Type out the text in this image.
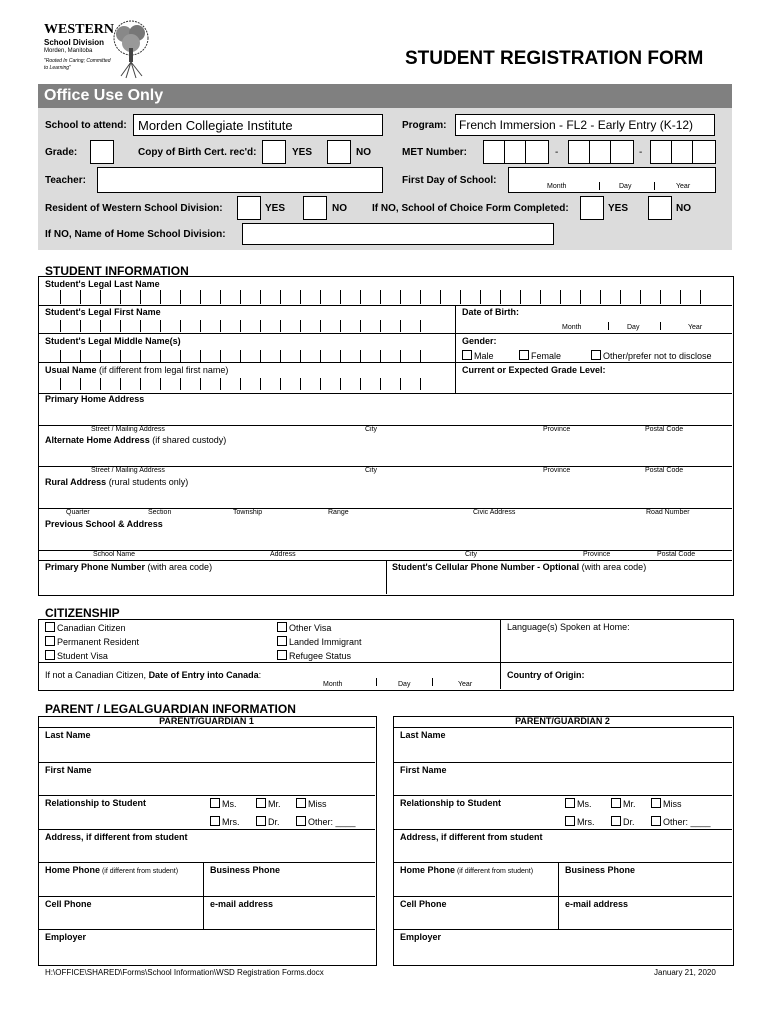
WESTERN
School Division
Morden, Manitoba
"Rooted In Caring; Committed to Learning"	STUDENT REGISTRATION FORM
Office Use Only
School to attend: Morden Collegiate Institute	Program: French Immersion - FL2 - Early Entry (K-12)
Grade:	Copy of Birth Cert. rec'd:	YES	NO	MET Number:	-	-
Teacher:	First Day of School:
Month	Day	Year
Resident of Western School Division:	YES	NO	If NO, School of Choice Form Completed:	YES	NO
If NO, Name of Home School Division:
STUDENT INFORMATION
Student's Legal Last Name
Student's Legal First Name	Date of Birth:
Month	Day	Year
Student's Legal Middle Name(s)	Gender:
Male	Female	Other/prefer not to disclose
Usual Name (if different from legal first name)	Current or Expected Grade Level:
Primary Home Address
Street / Mailing Address	City	Province	Postal Code
Alternate Home Address (if shared custody)
Street / Mailing Address	City	Province	Postal Code
Rural Address (rural students only)
Quarter	Section	Township	Range	Civic Address	Road Number
Previous School & Address
School Name	Address	City	Province	Postal Code
Primary Phone Number (with area code)	Student's Cellular Phone Number - Optional (with area code)
CITIZENSHIP
Canadian Citizen
Permanent Resident
Student Visa
Other Visa
Landed Immigrant
Refugee Status
Language(s) Spoken at Home:
If not a Canadian Citizen, Date of Entry into Canada:
Month	Day	Year
Country of Origin:
PARENT / LEGALGUARDIAN INFORMATION
PARENT/GUARDIAN 1
Last Name
First Name
Relationship to Student	Ms.	Mr.	Miss
Mrs.	Dr.	Other: ____
Address, if different from student
Home Phone (if different from student)	Business Phone
Cell Phone	e-mail address
Employer
PARENT/GUARDIAN 2
Last Name
First Name
Relationship to Student	Ms.	Mr.	Miss
Mrs.	Dr.	Other: ____
Address, if different from student
Home Phone (if different from student)	Business Phone
Cell Phone	e-mail address
Employer
H:\OFFICE\SHARED\Forms\School Information\WSD Registration Forms.docx	January 21, 2020
